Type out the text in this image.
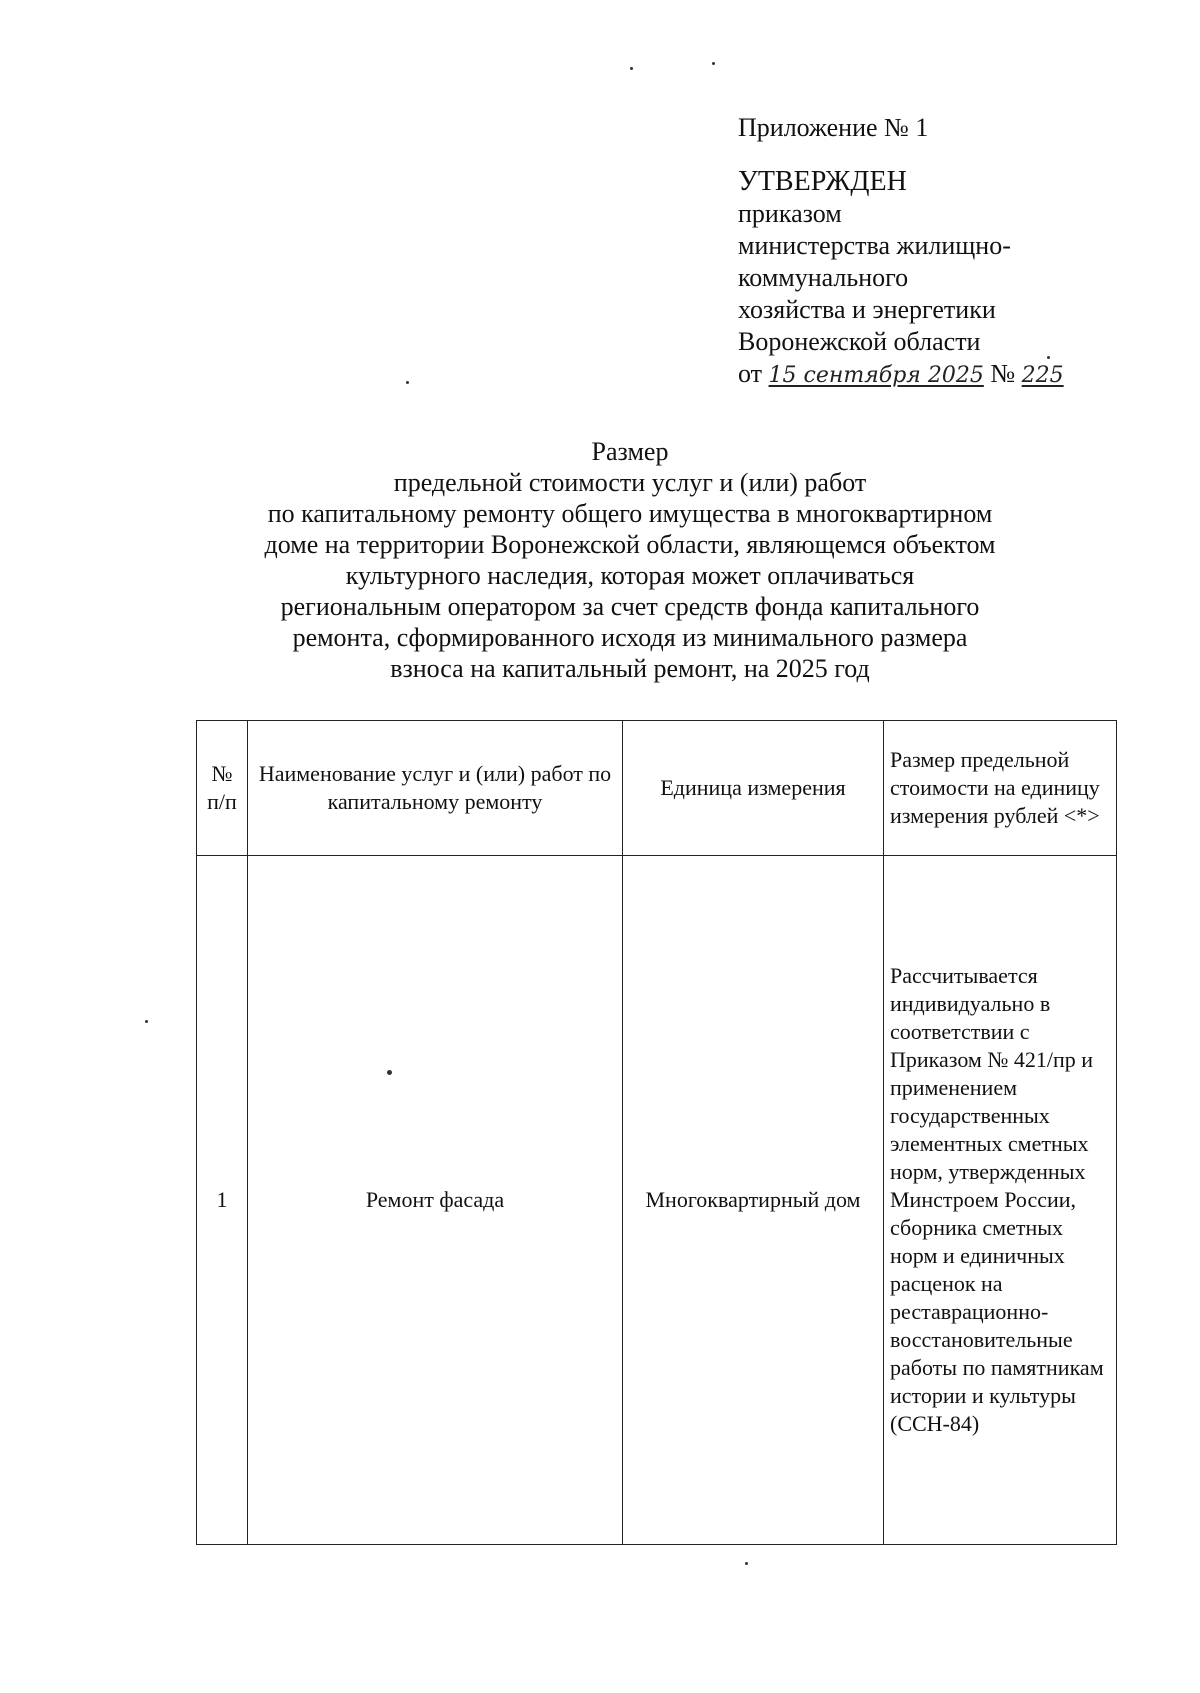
Приложение № 1
УТВЕРЖДЕН
приказом
министерства жилищно-
коммунального
хозяйства и энергетики
Воронежской области
от 15 сентября 2025 № 225
Размер
предельной стоимости услуг и (или) работ
по капитальному ремонту общего имущества в многоквартирном
доме на территории Воронежской области, являющемся объектом
культурного наследия, которая может оплачиваться
региональным оператором за счет средств фонда капитального
ремонта, сформированного исходя из минимального размера
взноса на капитальный ремонт, на 2025 год
№ п/п	Наименование услуг и (или) работ по капитальному ремонту	Единица измерения	Размер предельной стоимости на единицу измерения рублей <*>
1	Ремонт фасада	Многоквартирный дом	Рассчитывается индивидуально в соответствии с Приказом № 421/пр и применением государственных элементных сметных норм, утвержденных Минстроем России, сборника сметных норм и единичных расценок на реставрационно-восстановительные работы по памятникам истории и культуры (ССН-84)
